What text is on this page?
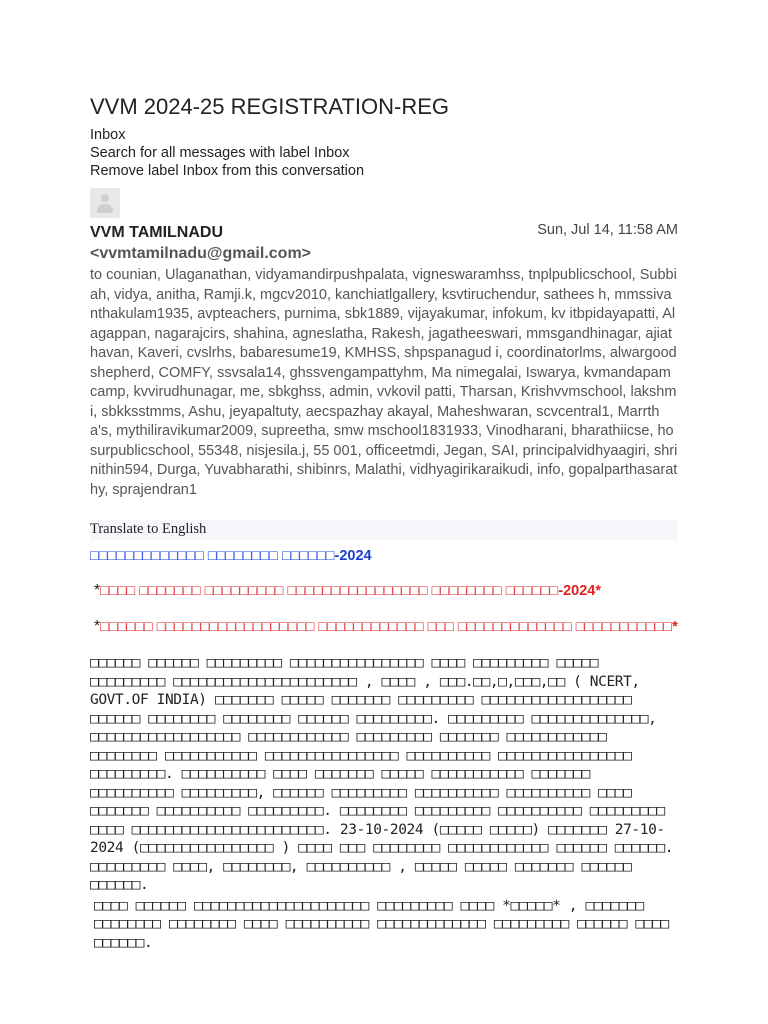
VVM 2024-25 REGISTRATION-REG
Inbox
Search for all messages with label Inbox
Remove label Inbox from this conversation
VVM TAMILNADU <vvmtamilnadu@gmail.com>
Sun, Jul 14, 11:58 AM
to counian, Ulaganathan, vidyamandirpushpalata, vigneswaramhss, tnplpublicschool, Subbiah, vidya, anitha, Ramji.k, mgcv2010, kanchiatlgallery, ksvtiruchendur, sathees h, mmssivanthakulam1935, avpteachers, purnima, sbk1889, vijayakumar, infokum, kv itbpidayapatti, Alagappan, nagarajcirs, shahina, agneslatha, Rakesh, jagatheeswari, mmsgandhinagar, ajiathavan, Kaveri, cvslrhs, babaresume19, KMHSS, shpspanagud i, coordinatorlms, alwargoodshepherd, COMFY, ssvsala14, ghssvengampattyhm, Ma nimegalai, Iswarya, kvmandapamcamp, kvvirudhunagar, me, sbkghss, admin, vvkovil patti, Tharsan, Krishvvmschool, lakshmi, sbkksstmms, Ashu, jeyapaltuty, aecspazhay akayal, Maheshwaran, scvcentral1, Marrtha's, mythiliravikumar2009, supreetha, smw mschool1831933, Vinodharani, bharathiicse, hosurpublicschool, 55348, nisjesila.j, 55 001, officeetmdi, Jegan, SAI, principalvidhyaagiri, shrinithin594, Durga, Yuvabharathi, shibinrs, Malathi, vidhyagirikaraikudi, info, gopalparthasarathy, sprajendran1
Translate to English
□□□□□□□□□□□□□ □□□□□□□□ □□□□□□-2024
*□□□□ □□□□□□□ □□□□□□□□□ □□□□□□□□□□□□□□□□ □□□□□□□□ □□□□□□-2024*
*□□□□□□ □□□□□□□□□□□□□□□□□□ □□□□□□□□□□□□ □□□ □□□□□□□□□□□□□ □□□□□□□□□□□*
□□□□□□ □□□□□□ □□□□□□□□□ □□□□□□□□□□□□□□□□ □□□□ □□□□□□□□□ □□□□□ □□□□□□□□□ □□□□□□□□□□□□□□□□□□□□□□ , □□□□ , □□□.□□,□,□□□,□□ ( NCERT, GOVT.OF INDIA) □□□□□□□ □□□□□ □□□□□□□ □□□□□□□□□ □□□□□□□□□□□□□□□□□□ □□□□□□ □□□□□□□□ □□□□□□□□ □□□□□□ □□□□□□□□□. □□□□□□□□□ □□□□□□□□□□□□□□, □□□□□□□□□□□□□□□□□□ □□□□□□□□□□□□ □□□□□□□□□ □□□□□□□ □□□□□□□□□□□□ □□□□□□□□ □□□□□□□□□□□ □□□□□□□□□□□□□□□□ □□□□□□□□□□ □□□□□□□□□□□□□□□□ □□□□□□□□□. □□□□□□□□□□ □□□□ □□□□□□□ □□□□□ □□□□□□□□□□□ □□□□□□□ □□□□□□□□□□ □□□□□□□□□, □□□□□□ □□□□□□□□□ □□□□□□□□□□ □□□□□□□□□□ □□□□ □□□□□□□ □□□□□□□□□□ □□□□□□□□□. □□□□□□□□ □□□□□□□□□ □□□□□□□□□□ □□□□□□□□□ □□□□ □□□□□□□□□□□□□□□□□□□□□□□. 23-10-2024 (□□□□□ □□□□□) □□□□□□□ 27-10-2024 (□□□□□□□□□□□□□□□□ ) □□□□ □□□ □□□□□□□□ □□□□□□□□□□□□ □□□□□□ □□□□□□. □□□□□□□□□ □□□□, □□□□□□□□, □□□□□□□□□□ , □□□□□ □□□□□ □□□□□□□ □□□□□□ □□□□□□.
□□□□ □□□□□□ □□□□□□□□□□□□□□□□□□□□□ □□□□□□□□□ □□□□ *□□□□□* , □□□□□□□ □□□□□□□□ □□□□□□□□ □□□□ □□□□□□□□□□ □□□□□□□□□□□□□ □□□□□□□□□ □□□□□□ □□□□ □□□□□□.
